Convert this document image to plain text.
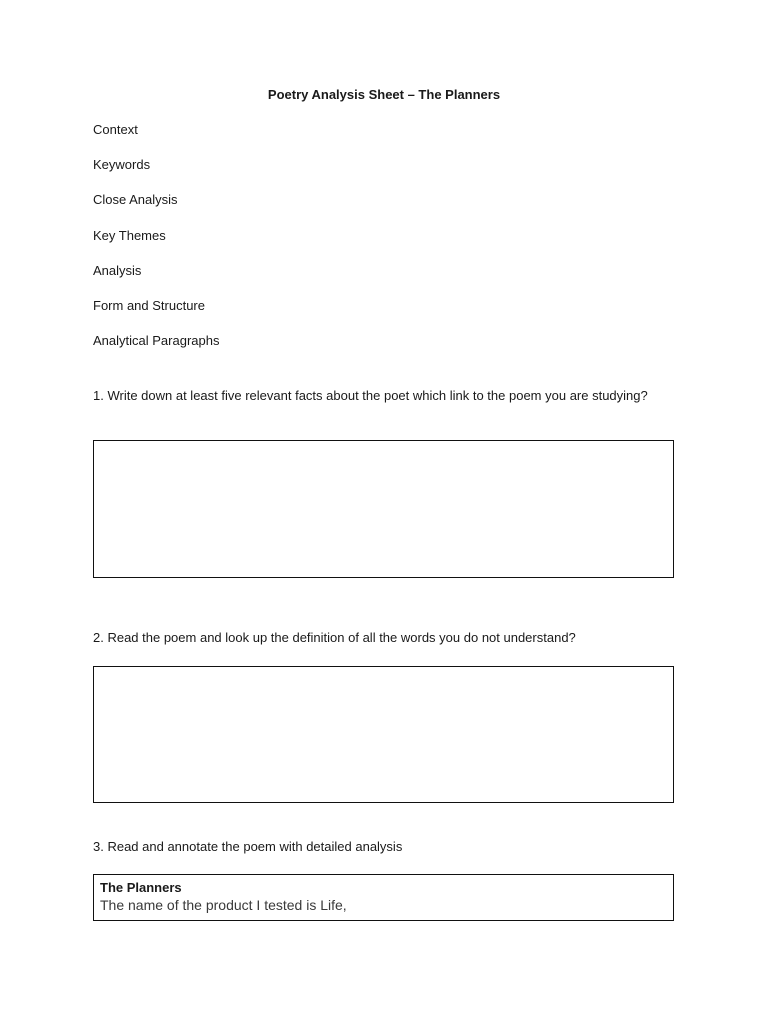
Poetry Analysis Sheet – The Planners
Context
Keywords
Close Analysis
Key Themes
Analysis
Form and Structure
Analytical Paragraphs

1. Write down at least five relevant facts about the poet which link to the poem you are studying?

2. Read the poem and look up the definition of all the words you do not understand?

3. Read and annotate the poem with detailed analysis

The Planners
The name of the product I tested is Life,
